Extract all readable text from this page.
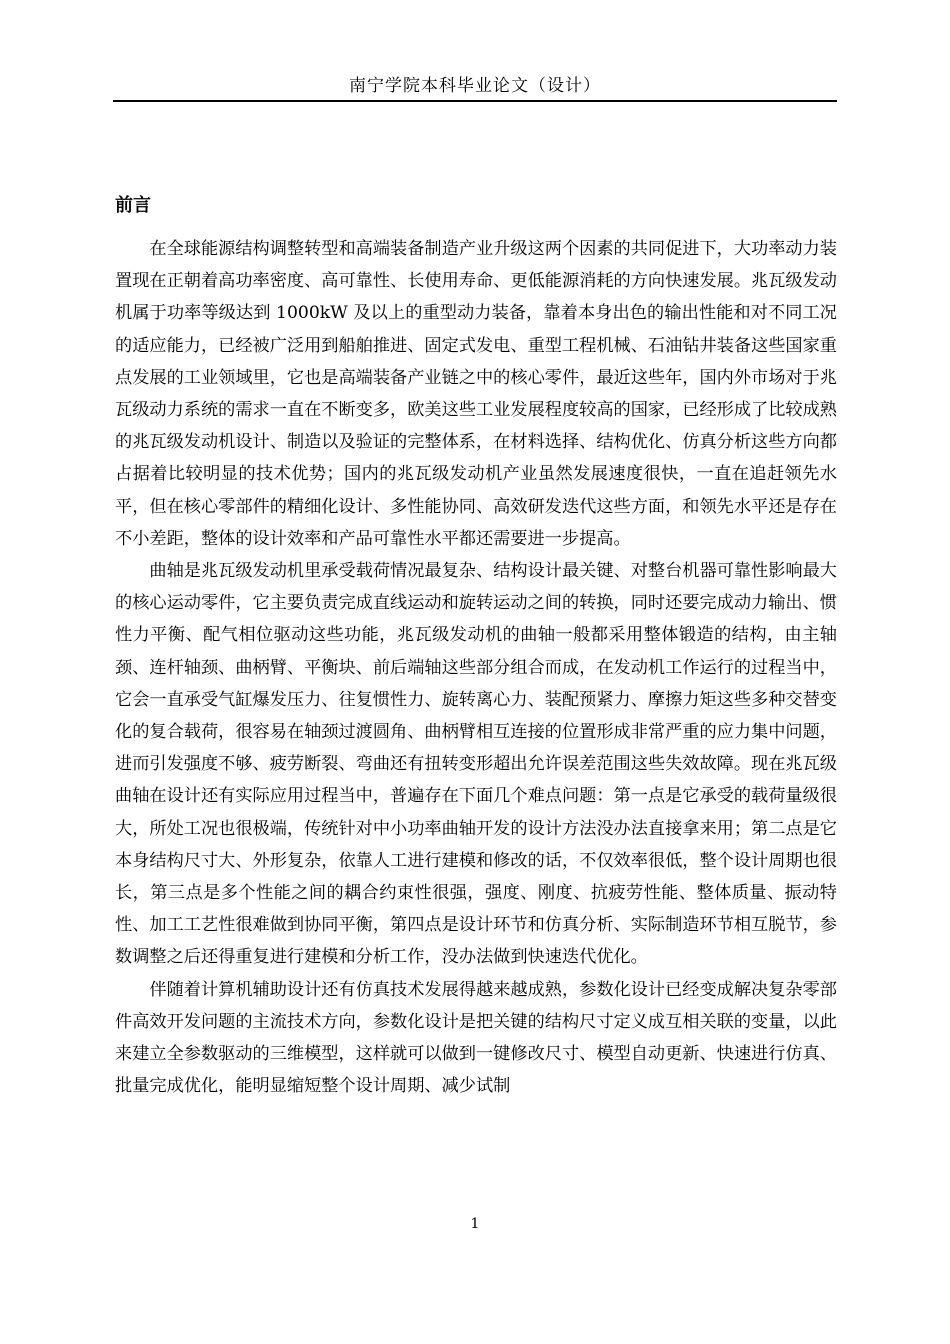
南宁学院本科毕业论文（设计）
前言

在全球能源结构调整转型和高端装备制造产业升级这两个因素的共同促进下，大功率动力装置现在正朝着高功率密度、高可靠性、长使用寿命、更低能源消耗的方向快速发展。兆瓦级发动机属于功率等级达到 1000kW 及以上的重型动力装备，靠着本身出色的输出性能和对不同工况的适应能力，已经被广泛用到船舶推进、固定式发电、重型工程机械、石油钻井装备这些国家重点发展的工业领域里，它也是高端装备产业链之中的核心零件，最近这些年，国内外市场对于兆瓦级动力系统的需求一直在不断变多，欧美这些工业发展程度较高的国家，已经形成了比较成熟的兆瓦级发动机设计、制造以及验证的完整体系，在材料选择、结构优化、仿真分析这些方向都占据着比较明显的技术优势；国内的兆瓦级发动机产业虽然发展速度很快，一直在追赶领先水平，但在核心零部件的精细化设计、多性能协同、高效研发迭代这些方面，和领先水平还是存在不小差距，整体的设计效率和产品可靠性水平都还需要进一步提高。

曲轴是兆瓦级发动机里承受载荷情况最复杂、结构设计最关键、对整台机器可靠性影响最大的核心运动零件，它主要负责完成直线运动和旋转运动之间的转换，同时还要完成动力输出、惯性力平衡、配气相位驱动这些功能，兆瓦级发动机的曲轴一般都采用整体锻造的结构，由主轴颈、连杆轴颈、曲柄臂、平衡块、前后端轴这些部分组合而成，在发动机工作运行的过程当中，它会一直承受气缸爆发压力、往复惯性力、旋转离心力、装配预紧力、摩擦力矩这些多种交替变化的复合载荷，很容易在轴颈过渡圆角、曲柄臂相互连接的位置形成非常严重的应力集中问题，进而引发强度不够、疲劳断裂、弯曲还有扭转变形超出允许误差范围这些失效故障。现在兆瓦级曲轴在设计还有实际应用过程当中，普遍存在下面几个难点问题：第一点是它承受的载荷量级很大，所处工况也很极端，传统针对中小功率曲轴开发的设计方法没办法直接拿来用；第二点是它本身结构尺寸大、外形复杂，依靠人工进行建模和修改的话，不仅效率很低，整个设计周期也很长，第三点是多个性能之间的耦合约束性很强，强度、刚度、抗疲劳性能、整体质量、振动特性、加工工艺性很难做到协同平衡，第四点是设计环节和仿真分析、实际制造环节相互脱节，参数调整之后还得重复进行建模和分析工作，没办法做到快速迭代优化。

伴随着计算机辅助设计还有仿真技术发展得越来越成熟，参数化设计已经变成解决复杂零部件高效开发问题的主流技术方向，参数化设计是把关键的结构尺寸定义成互相关联的变量，以此来建立全参数驱动的三维模型，这样就可以做到一键修改尺寸、模型自动更新、快速进行仿真、批量完成优化，能明显缩短整个设计周期、减少试制

1
